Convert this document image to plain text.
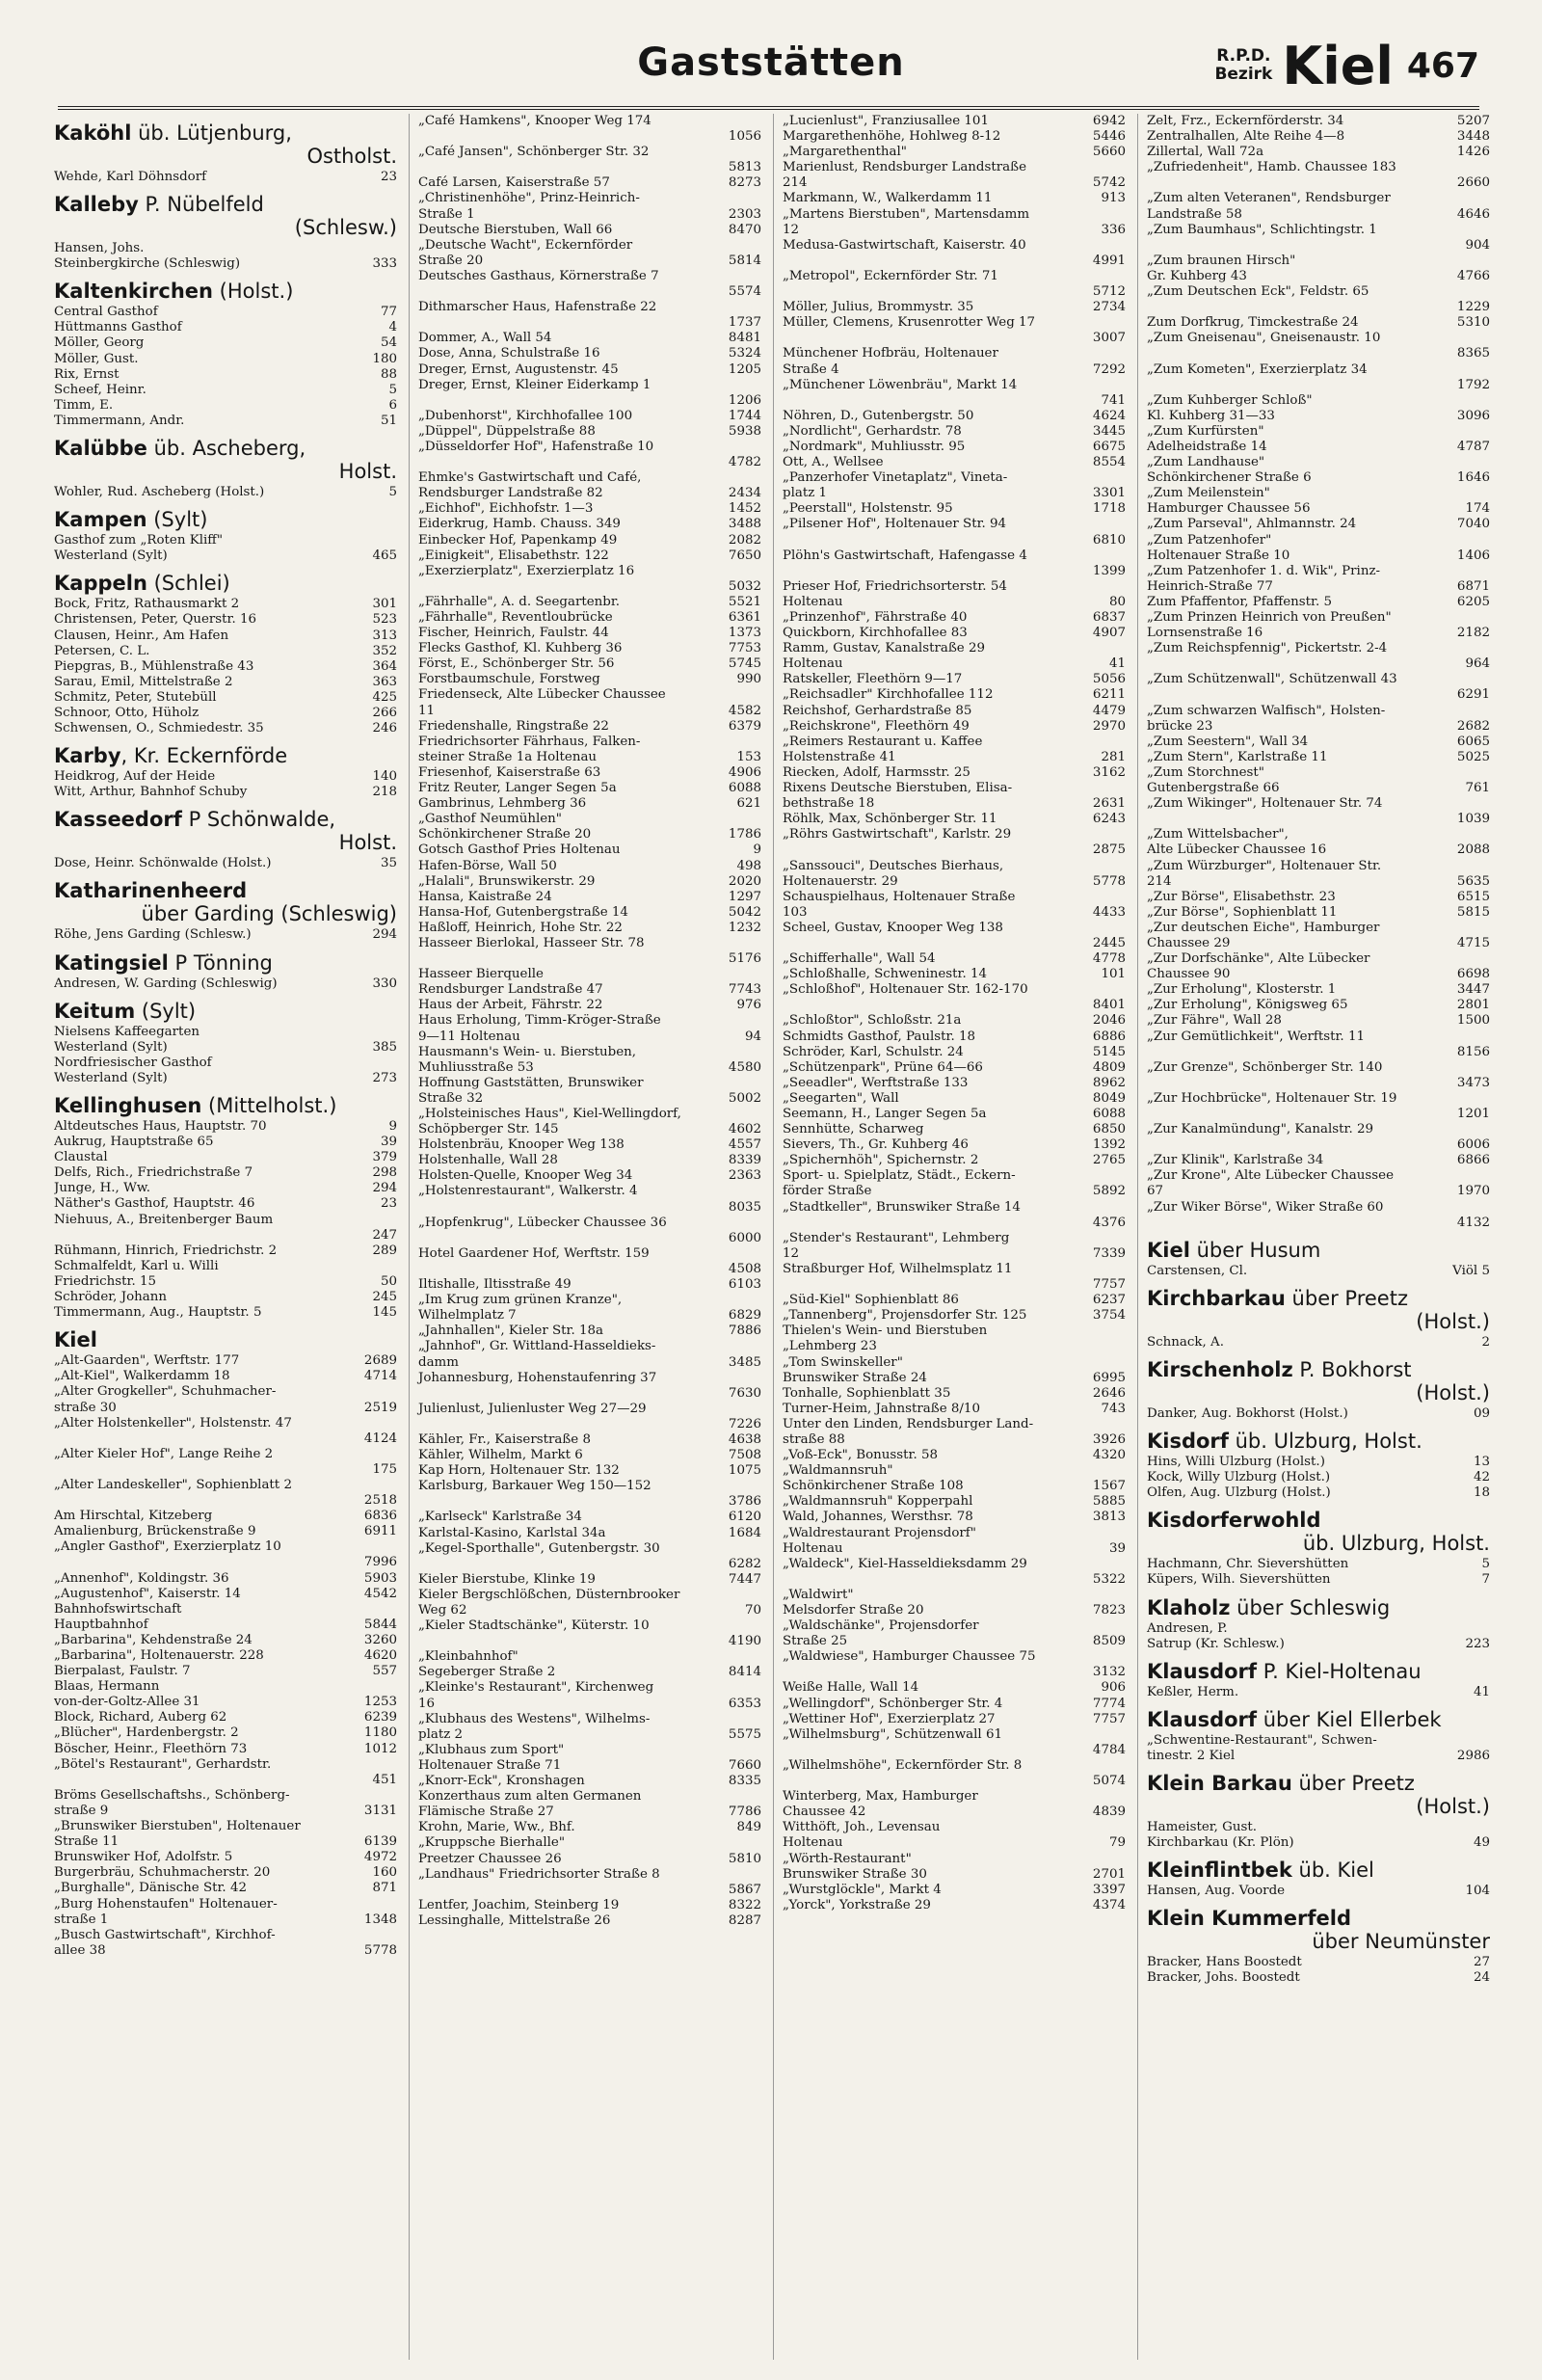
Gaststätten	R.P.D.
Bezirk Kiel 467
Kaköhl üb. Lütjenburg,
Ostholst.
Wehde, Karl Döhnsdorf	23
Kalleby P. Nübelfeld
(Schlesw.)
Hansen, Johs.
Steinbergkirche (Schleswig)	333
Kaltenkirchen (Holst.)
Central Gasthof	77
Hüttmanns Gasthof	4
Möller, Georg	54
Möller, Gust.	180
Rix, Ernst	88
Scheef, Heinr.	5
Timm, E.	6
Timmermann, Andr.	51
Kalübbe üb. Ascheberg,
Holst.
Wohler, Rud. Ascheberg (Holst.)	5
Kampen (Sylt)
Gasthof zum „Roten Kliff"
Westerland (Sylt)	465
Kappeln (Schlei)
Bock, Fritz, Rathausmarkt 2	301
Christensen, Peter, Querstr. 16	523
Clausen, Heinr., Am Hafen	313
Petersen, C. L.	352
Piepgras, B., Mühlenstraße 43	364
Sarau, Emil, Mittelstraße 2	363
Schmitz, Peter, Stutebüll	425
Schnoor, Otto, Hüholz	266
Schwensen, O., Schmiedestr. 35	246
Karby, Kr. Eckernförde
Heidkrog, Auf der Heide	140
Witt, Arthur, Bahnhof Schuby	218
Kasseedorf P Schönwalde,
Holst.
Dose, Heinr. Schönwalde (Holst.)	35
Katharinenheerd
über Garding (Schleswig)
Röhe, Jens Garding (Schlesw.)	294
Katingsiel P Tönning
Andresen, W. Garding (Schleswig)	330
Keitum (Sylt)
Nielsens Kaffeegarten
Westerland (Sylt)	385
Nordfriesischer Gasthof
Westerland (Sylt)	273
Kellinghusen (Mittelholst.)
Altdeutsches Haus, Hauptstr. 70	9
Aukrug, Hauptstraße 65	39
Claustal	379
Delfs, Rich., Friedrichstraße 7	298
Junge, H., Ww.	294
Näther's Gasthof, Hauptstr. 46	23
Niehuus, A., Breitenberger Baum
247
Rühmann, Hinrich, Friedrichstr. 2	289
Schmalfeldt, Karl u. Willi
Friedrichstr. 15	50
Schröder, Johann	245
Timmermann, Aug., Hauptstr. 5	145
Kiel
„Alt-Gaarden", Werftstr. 177	2689
„Alt-Kiel", Walkerdamm 18	4714
„Alter Grogkeller", Schuhmacher-
straße 30	2519
„Alter Holstenkeller", Holstenstr. 47
4124
„Alter Kieler Hof", Lange Reihe 2
175
„Alter Landeskeller", Sophienblatt 2
2518
Am Hirschtal, Kitzeberg	6836
Amalienburg, Brückenstraße 9	6911
„Angler Gasthof", Exerzierplatz 10
7996
„Annenhof", Koldingstr. 36	5903
„Augustenhof", Kaiserstr. 14	4542
Bahnhofswirtschaft
Hauptbahnhof	5844
„Barbarina", Kehdenstraße 24	3260
„Barbarina", Holtenauerstr. 228	4620
Bierpalast, Faulstr. 7	557
Blaas, Hermann
von-der-Goltz-Allee 31	1253
Block, Richard, Auberg 62	6239
„Blücher", Hardenbergstr. 2	1180
Böscher, Heinr., Fleethörn 73	1012
„Bötel's Restaurant", Gerhardstr.
451
Bröms Gesellschaftshs., Schönberg-
straße 9	3131
„Brunswiker Bierstuben", Holtenauer
Straße 11	6139
Brunswiker Hof, Adolfstr. 5	4972
Burgerbräu, Schuhmacherstr. 20	160
„Burghalle", Dänische Str. 42	871
„Burg Hohenstaufen" Holtenauer-
straße 1	1348
„Busch Gastwirtschaft", Kirchhof-
allee 38	5778
„Café Hamkens", Knooper Weg 174
1056
„Café Jansen", Schönberger Str. 32
5813
Café Larsen, Kaiserstraße 57	8273
„Christinenhöhe", Prinz-Heinrich-
Straße 1	2303
Deutsche Bierstuben, Wall 66	8470
„Deutsche Wacht", Eckernförder
Straße 20	5814
Deutsches Gasthaus, Körnerstraße 7
5574
Dithmarscher Haus, Hafenstraße 22
1737
Dommer, A., Wall 54	8481
Dose, Anna, Schulstraße 16	5324
Dreger, Ernst, Augustenstr. 45	1205
Dreger, Ernst, Kleiner Eiderkamp 1
1206
„Dubenhorst", Kirchhofallee 100	1744
„Düppel", Düppelstraße 88	5938
„Düsseldorfer Hof", Hafenstraße 10
4782
Ehmke's Gastwirtschaft und Café,
Rendsburger Landstraße 82	2434
„Eichhof", Eichhofstr. 1—3	1452
Eiderkrug, Hamb. Chauss. 349	3488
Einbecker Hof, Papenkamp 49	2082
„Einigkeit", Elisabethstr. 122	7650
„Exerzierplatz", Exerzierplatz 16
5032
„Fährhalle", A. d. Seegartenbr.	5521
„Fährhalle", Reventloubrücke	6361
Fischer, Heinrich, Faulstr. 44	1373
Flecks Gasthof, Kl. Kuhberg 36	7753
Först, E., Schönberger Str. 56	5745
Forstbaumschule, Forstweg	990
Friedenseck, Alte Lübecker Chaussee
11	4582
Friedenshalle, Ringstraße 22	6379
Friedrichsorter Fährhaus, Falken-
steiner Straße 1a Holtenau	153
Friesenhof, Kaiserstraße 63	4906
Fritz Reuter, Langer Segen 5a	6088
Gambrinus, Lehmberg 36	621
„Gasthof Neumühlen"
Schönkirchener Straße 20	1786
Gotsch Gasthof Pries Holtenau	9
Hafen-Börse, Wall 50	498
„Halali", Brunswikerstr. 29	2020
Hansa, Kaistraße 24	1297
Hansa-Hof, Gutenbergstraße 14	5042
Haßloff, Heinrich, Hohe Str. 22	1232
Hasseer Bierlokal, Hasseer Str. 78
5176
Hasseer Bierquelle
Rendsburger Landstraße 47	7743
Haus der Arbeit, Fährstr. 22	976
Haus Erholung, Timm-Kröger-Straße
9—11 Holtenau	94
Hausmann's Wein- u. Bierstuben,
Muhliusstraße 53	4580
Hoffnung Gaststätten, Brunswiker
Straße 32	5002
„Holsteinisches Haus", Kiel-Wellingdorf,
Schöpberger Str. 145	4602
Holstenbräu, Knooper Weg 138	4557
Holstenhalle, Wall 28	8339
Holsten-Quelle, Knooper Weg 34	2363
„Holstenrestaurant", Walkerstr. 4
8035
„Hopfenkrug", Lübecker Chaussee 36
6000
Hotel Gaardener Hof, Werftstr. 159
4508
Iltishalle, Iltisstraße 49	6103
„Im Krug zum grünen Kranze",
Wilhelmplatz 7	6829
„Jahnhallen", Kieler Str. 18a	7886
„Jahnhof", Gr. Wittland-Hasseldieks-
damm	3485
Johannesburg, Hohenstaufenring 37
7630
Julienlust, Julienluster Weg 27—29
7226
Kähler, Fr., Kaiserstraße 8	4638
Kähler, Wilhelm, Markt 6	7508
Kap Horn, Holtenauer Str. 132	1075
Karlsburg, Barkauer Weg 150—152
3786
„Karlseck" Karlstraße 34	6120
Karlstal-Kasino, Karlstal 34a	1684
„Kegel-Sporthalle", Gutenbergstr. 30
6282
Kieler Bierstube, Klinke 19	7447
Kieler Bergschlößchen, Düsternbrooker
Weg 62	70
„Kieler Stadtschänke", Küterstr. 10
4190
„Kleinbahnhof"
Segeberger Straße 2	8414
„Kleinke's Restaurant", Kirchenweg
16	6353
„Klubhaus des Westens", Wilhelms-
platz 2	5575
„Klubhaus zum Sport"
Holtenauer Straße 71	7660
„Knorr-Eck", Kronshagen	8335
Konzerthaus zum alten Germanen
Flämische Straße 27	7786
Krohn, Marie, Ww., Bhf.	849
„Kruppsche Bierhalle"
Preetzer Chaussee 26	5810
„Landhaus" Friedrichsorter Straße 8
5867
Lentfer, Joachim, Steinberg 19	8322
Lessinghalle, Mittelstraße 26	8287
„Lucienlust", Franziusallee 101	6942
Margarethenhöhe, Hohlweg 8-12	5446
„Margarethenthal"	5660
Marienlust, Rendsburger Landstraße
214	5742
Markmann, W., Walkerdamm 11	913
„Martens Bierstuben", Martensdamm
12	336
Medusa-Gastwirtschaft, Kaiserstr. 40
4991
„Metropol", Eckernförder Str. 71
5712
Möller, Julius, Brommystr. 35	2734
Müller, Clemens, Krusenrotter Weg 17
3007
Münchener Hofbräu, Holtenauer
Straße 4	7292
„Münchener Löwenbräu", Markt 14
741
Nöhren, D., Gutenbergstr. 50	4624
„Nordlicht", Gerhardstr. 78	3445
„Nordmark", Muhliusstr. 95	6675
Ott, A., Wellsee	8554
„Panzerhofer Vinetaplatz", Vineta-
platz 1	3301
„Peerstall", Holstenstr. 95	1718
„Pilsener Hof", Holtenauer Str. 94
6810
Plöhn's Gastwirtschaft, Hafengasse 4
1399
Prieser Hof, Friedrichsorterstr. 54
Holtenau	80
„Prinzenhof", Fährstraße 40	6837
Quickborn, Kirchhofallee 83	4907
Ramm, Gustav, Kanalstraße 29
Holtenau	41
Ratskeller, Fleethörn 9—17	5056
„Reichsadler" Kirchhofallee 112	6211
Reichshof, Gerhardstraße 85	4479
„Reichskrone", Fleethörn 49	2970
„Reimers Restaurant u. Kaffee
Holstenstraße 41	281
Riecken, Adolf, Harmsstr. 25	3162
Rixens Deutsche Bierstuben, Elisa-
bethstraße 18	2631
Röhlk, Max, Schönberger Str. 11	6243
„Röhrs Gastwirtschaft", Karlstr. 29
2875
„Sanssouci", Deutsches Bierhaus,
Holtenauerstr. 29	5778
Schauspielhaus, Holtenauer Straße
103	4433
Scheel, Gustav, Knooper Weg 138
2445
„Schifferhalle", Wall 54	4778
„Schloßhalle, Schweninestr. 14	101
„Schloßhof", Holtenauer Str. 162-170
8401
„Schloßtor", Schloßstr. 21a	2046
Schmidts Gasthof, Paulstr. 18	6886
Schröder, Karl, Schulstr. 24	5145
„Schützenpark", Prüne 64—66	4809
„Seeadler", Werftstraße 133	8962
„Seegarten", Wall	8049
Seemann, H., Langer Segen 5a	6088
Sennhütte, Scharweg	6850
Sievers, Th., Gr. Kuhberg 46	1392
„Spichernhöh", Spichernstr. 2	2765
Sport- u. Spielplatz, Städt., Eckern-
förder Straße	5892
„Stadtkeller", Brunswiker Straße 14
4376
„Stender's Restaurant", Lehmberg
12	7339
Straßburger Hof, Wilhelmsplatz 11
7757
„Süd-Kiel" Sophienblatt 86	6237
„Tannenberg", Projensdorfer Str. 125	3754
Thielen's Wein- und Bierstuben
„Lehmberg 23
„Tom Swinskeller"
Brunswiker Straße 24	6995
Tonhalle, Sophienblatt 35	2646
Turner-Heim, Jahnstraße 8/10	743
Unter den Linden, Rendsburger Land-
straße 88	3926
„Voß-Eck", Bonusstr. 58	4320
„Waldmannsruh"
Schönkirchener Straße 108	1567
„Waldmannsruh" Kopperpahl	5885
Wald, Johannes, Wersthsr. 78	3813
„Waldrestaurant Projensdorf"
Holtenau	39
„Waldeck", Kiel-Hasseldieksdamm 29
5322
„Waldwirt"
Melsdorfer Straße 20	7823
„Waldschänke", Projensdorfer
Straße 25	8509
„Waldwiese", Hamburger Chaussee 75
3132
Weiße Halle, Wall 14	906
„Wellingdorf", Schönberger Str. 4	7774
„Wettiner Hof", Exerzierplatz 27	7757
„Wilhelmsburg", Schützenwall 61
4784
„Wilhelmshöhe", Eckernförder Str. 8
5074
Winterberg, Max, Hamburger
Chaussee 42	4839
Witthöft, Joh., Levensau
Holtenau	79
„Wörth-Restaurant"
Brunswiker Straße 30	2701
„Wurstglöckle", Markt 4	3397
„Yorck", Yorkstraße 29	4374
Zelt, Frz., Eckernförderstr. 34	5207
Zentralhallen, Alte Reihe 4—8	3448
Zillertal, Wall 72a	1426
„Zufriedenheit", Hamb. Chaussee 183
2660
„Zum alten Veteranen", Rendsburger
Landstraße 58	4646
„Zum Baumhaus", Schlichtingstr. 1
904
„Zum braunen Hirsch"
Gr. Kuhberg 43	4766
„Zum Deutschen Eck", Feldstr. 65
1229
Zum Dorfkrug, Timckestraße 24	5310
„Zum Gneisenau", Gneisenaustr. 10
8365
„Zum Kometen", Exerzierplatz 34
1792
„Zum Kuhberger Schloß"
Kl. Kuhberg 31—33	3096
„Zum Kurfürsten"
Adelheidstraße 14	4787
„Zum Landhause"
Schönkirchener Straße 6	1646
„Zum Meilenstein"
Hamburger Chaussee 56	174
„Zum Parseval", Ahlmannstr. 24	7040
„Zum Patzenhofer"
Holtenauer Straße 10	1406
„Zum Patzenhofer 1. d. Wik", Prinz-
Heinrich-Straße 77	6871
Zum Pfaffentor, Pfaffenstr. 5	6205
„Zum Prinzen Heinrich von Preußen"
Lornsenstraße 16	2182
„Zum Reichspfennig", Pickertstr. 2-4
964
„Zum Schützenwall", Schützenwall 43
6291
„Zum schwarzen Walfisch", Holsten-
brücke 23	2682
„Zum Seestern", Wall 34	6065
„Zum Stern", Karlstraße 11	5025
„Zum Storchnest"
Gutenbergstraße 66	761
„Zum Wikinger", Holtenauer Str. 74
1039
„Zum Wittelsbacher",
Alte Lübecker Chaussee 16	2088
„Zum Würzburger", Holtenauer Str.
214	5635
„Zur Börse", Elisabethstr. 23	6515
„Zur Börse", Sophienblatt 11	5815
„Zur deutschen Eiche", Hamburger
Chaussee 29	4715
„Zur Dorfschänke", Alte Lübecker
Chaussee 90	6698
„Zur Erholung", Klosterstr. 1	3447
„Zur Erholung", Königsweg 65	2801
„Zur Fähre", Wall 28	1500
„Zur Gemütlichkeit", Werftstr. 11
8156
„Zur Grenze", Schönberger Str. 140
3473
„Zur Hochbrücke", Holtenauer Str. 19
1201
„Zur Kanalmündung", Kanalstr. 29
6006
„Zur Klinik", Karlstraße 34	6866
„Zur Krone", Alte Lübecker Chaussee
67	1970
„Zur Wiker Börse", Wiker Straße 60
4132
Kiel über Husum
Carstensen, Cl.	Viöl 5
Kirchbarkau über Preetz
(Holst.)
Schnack, A.	2
Kirschenholz P. Bokhorst
(Holst.)
Danker, Aug. Bokhorst (Holst.)	09
Kisdorf üb. Ulzburg, Holst.
Hins, Willi Ulzburg (Holst.)	13
Kock, Willy Ulzburg (Holst.)	42
Olfen, Aug. Ulzburg (Holst.)	18
Kisdorferwohld
üb. Ulzburg, Holst.
Hachmann, Chr. Sievershütten	5
Küpers, Wilh. Sievershütten	7
Klaholz über Schleswig
Andresen, P.
Satrup (Kr. Schlesw.)	223
Klausdorf P. Kiel-Holtenau
Keßler, Herm.	41
Klausdorf über Kiel Ellerbek
„Schwentine-Restaurant", Schwen-
tinestr. 2 Kiel	2986
Klein Barkau über Preetz
(Holst.)
Hameister, Gust.
Kirchbarkau (Kr. Plön)	49
Kleinflintbek üb. Kiel
Hansen, Aug. Voorde	104
Klein Kummerfeld
über Neumünster
Bracker, Hans Boostedt	27
Bracker, Johs. Boostedt	24
